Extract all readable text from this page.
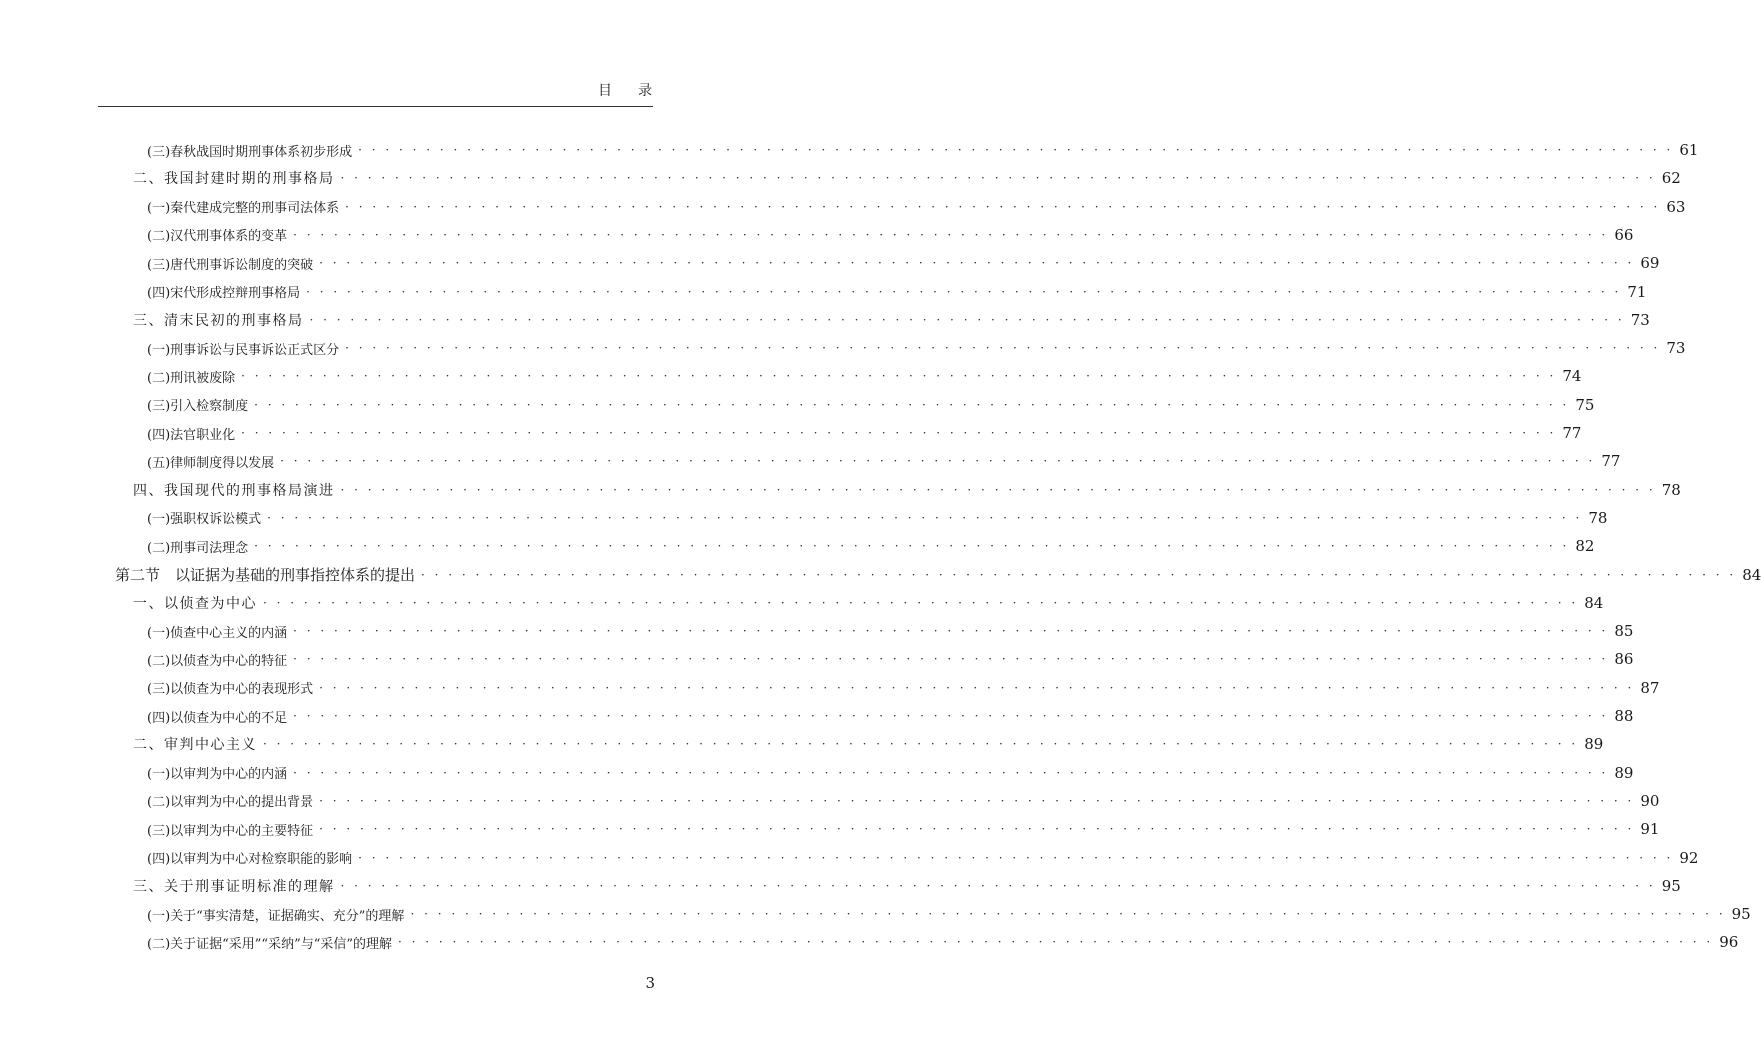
目录
(三)春秋战国时期刑事体系初步形成 · · ·	61
二、我国封建时期的刑事格局 · · ·	62
(一)秦代建成完整的刑事司法体系 · · ·	63
(二)汉代刑事体系的变革 · · ·	66
(三)唐代刑事诉讼制度的突破 · · ·	69
(四)宋代形成控辩刑事格局 · · ·	71
三、清末民初的刑事格局 · · ·	73
(一)刑事诉讼与民事诉讼正式区分 · · ·	73
(二)刑讯被废除 · · ·	74
(三)引入检察制度 · · ·	75
(四)法官职业化 · · ·	77
(五)律师制度得以发展 · · ·	77
四、我国现代的刑事格局演进 · · ·	78
(一)强职权诉讼模式 · · ·	78
(二)刑事司法理念 · · ·	82
第二节　以证据为基础的刑事指控体系的提出 · · ·	84
一、以侦查为中心 · · ·	84
(一)侦查中心主义的内涵 · · ·	85
(二)以侦查为中心的特征 · · ·	86
(三)以侦查为中心的表现形式 · · ·	87
(四)以侦查为中心的不足 · · ·	88
二、审判中心主义 · · ·	89
(一)以审判为中心的内涵 · · ·	89
(二)以审判为中心的提出背景 · · ·	90
(三)以审判为中心的主要特征 · · ·	91
(四)以审判为中心对检察职能的影响 · · ·	92
三、关于刑事证明标准的理解 · · ·	95
(一)关于“事实清楚，证据确实、充分”的理解 · · ·	95
(二)关于证据“采用”“采纳”与“采信”的理解 · · ·	96
3
